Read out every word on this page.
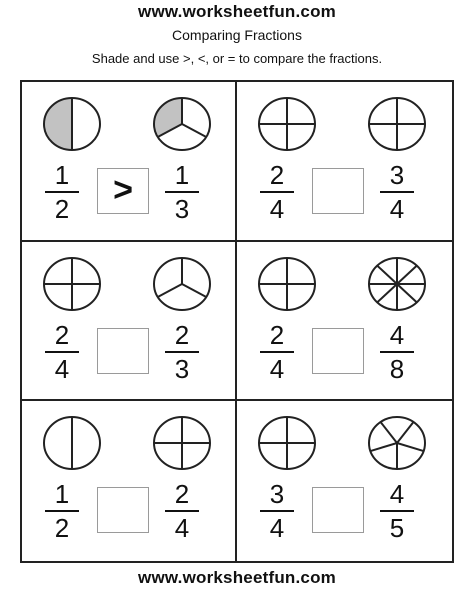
www.worksheetfun.com
Comparing Fractions
Shade and use >, <, or = to compare the fractions.
1
2	>	1
3
2
4
3
4
2
4
2
3
2
4
4
8
1
2
2
4
3
4
4
5
www.worksheetfun.com
